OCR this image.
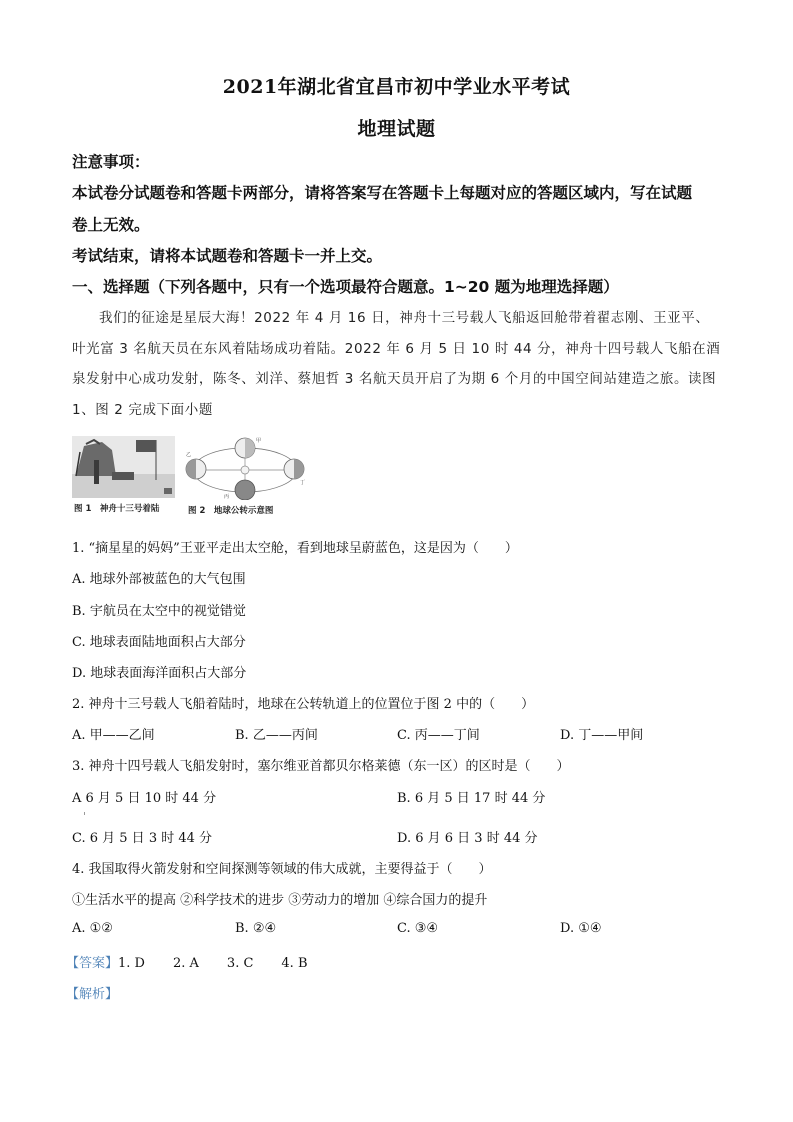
2021年湖北省宜昌市初中学业水平考试
地理试题
注意事项：
本试卷分试题卷和答题卡两部分，请将答案写在答题卡上每题对应的答题区域内，写在试题
卷上无效。
考试结束，请将本试题卷和答题卡一并上交。
一、选择题（下列各题中，只有一个选项最符合题意。1~20 题为地理选择题）
我们的征途是星辰大海！2022 年 4 月 16 日，神舟十三号载人飞船返回舱带着翟志刚、王亚平、叶光富 3 名航天员在东风着陆场成功着陆。2022 年 6 月 5 日 10 时 44 分，神舟十四号载人飞船在酒泉发射中心成功发射，陈冬、刘洋、蔡旭哲 3 名航天员开启了为期 6 个月的中国空间站建造之旅。读图 1、图 2 完成下面小题
图 1　神舟十三号着陆
甲
乙
丙
丁
图 2　地球公转示意图
1. “摘星星的妈妈”王亚平走出太空舱，看到地球呈蔚蓝色，这是因为（　　）
A. 地球外部被蓝色的大气包围
B. 宇航员在太空中的视觉错觉
C. 地球表面陆地面积占大部分
D. 地球表面海洋面积占大部分
2. 神舟十三号载人飞船着陆时，地球在公转轨道上的位置位于图 2 中的（　　）
A. 甲——乙间	B. 乙——丙间	C. 丙——丁间	D. 丁——甲间
3. 神舟十四号载人飞船发射时，塞尔维亚首都贝尔格莱德（东一区）的区时是（　　）
A 6 月 5 日 10 时 44 分	B. 6 月 5 日 17 时 44 分
C. 6 月 5 日 3 时 44 分	D. 6 月 6 日 3 时 44 分
4. 我国取得火箭发射和空间探测等领域的伟大成就，主要得益于（　　）
①生活水平的提高 ②科学技术的进步 ③劳动力的增加 ④综合国力的提升
A. ①②	B. ②④	C. ③④	D. ①④
【答案】1. D 2. A 3. C 4. B
【解析】
